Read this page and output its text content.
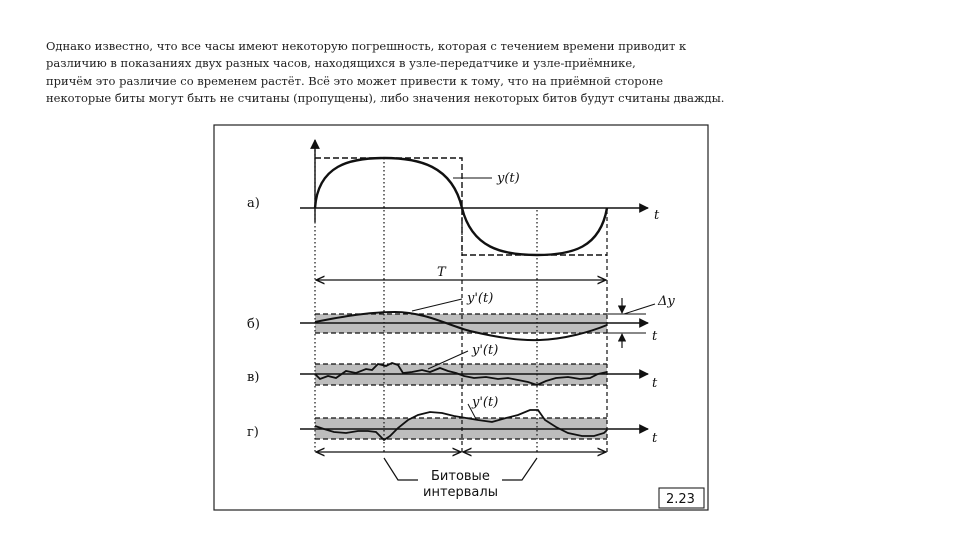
Однако известно, что все часы имеют некоторую погрешность, которая с течением времени приводит к
различию в показаниях двух разных часов, находящихся в узле-передатчике и узле-приёмнике,
причём это различие со временем растёт. Всё это может привести к тому, что на приёмной стороне
некоторые биты могут быть не считаны (пропущены), либо значения некоторых битов будут считаны дважды.

а)
б)
в)
г)
y(t)
t
T
y'(t)
t
Δy
y'(t)
t
y'(t)
t
Битовые
интервалы	2.23
